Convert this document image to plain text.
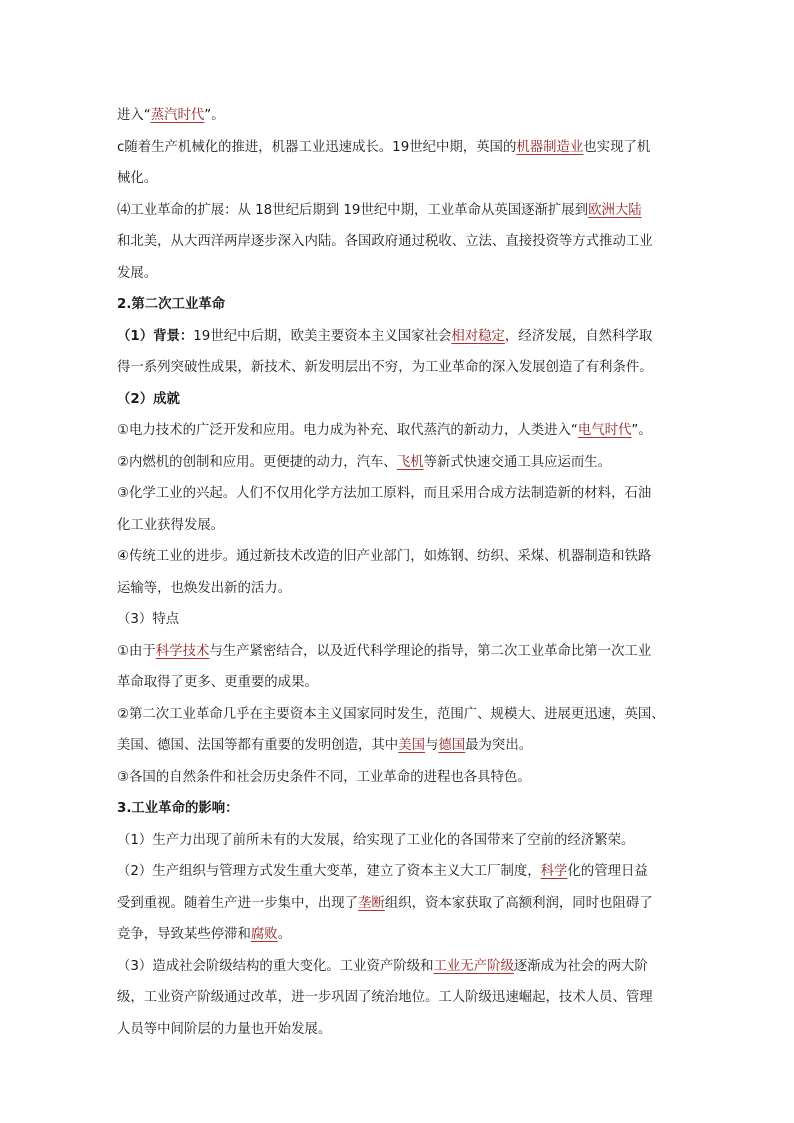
进入“蒸汽时代”。
c随着生产机械化的推进，机器工业迅速成长。19世纪中期，英国的机器制造业也实现了机
械化。
⑷工业革命的扩展：从 18世纪后期到 19世纪中期，工业革命从英国逐渐扩展到欧洲大陆
和北美，从大西洋两岸逐步深入内陆。各国政府通过税收、立法、直接投资等方式推动工业
发展。
2.第二次工业革命
（1）背景：19世纪中后期，欧美主要资本主义国家社会相对稳定，经济发展，自然科学取
得一系列突破性成果，新技术、新发明层出不穷，为工业革命的深入发展创造了有利条件。
（2）成就
①电力技术的广泛开发和应用。电力成为补充、取代蒸汽的新动力，人类进入“电气时代”。
②内燃机的创制和应用。更便捷的动力，汽车、飞机等新式快速交通工具应运而生。
③化学工业的兴起。人们不仅用化学方法加工原料，而且采用合成方法制造新的材料，石油
化工业获得发展。
④传统工业的进步。通过新技术改造的旧产业部门，如炼钢、纺织、采煤、机器制造和铁路
运输等，也焕发出新的活力。
（3）特点
①由于科学技术与生产紧密结合，以及近代科学理论的指导，第二次工业革命比第一次工业
革命取得了更多、更重要的成果。
②第二次工业革命几乎在主要资本主义国家同时发生，范围广、规模大、进展更迅速，英国、
美国、德国、法国等都有重要的发明创造，其中美国与德国最为突出。
③各国的自然条件和社会历史条件不同，工业革命的进程也各具特色。
3.工业革命的影响：
（1）生产力出现了前所未有的大发展，给实现了工业化的各国带来了空前的经济繁荣。
（2）生产组织与管理方式发生重大变革，建立了资本主义大工厂制度，科学化的管理日益
受到重视。随着生产进一步集中，出现了垄断组织，资本家获取了高额利润，同时也阻碍了
竞争，导致某些停滞和腐败。
（3）造成社会阶级结构的重大变化。工业资产阶级和工业无产阶级逐渐成为社会的两大阶
级，工业资产阶级通过改革，进一步巩固了统治地位。工人阶级迅速崛起，技术人员、管理
人员等中间阶层的力量也开始发展。
